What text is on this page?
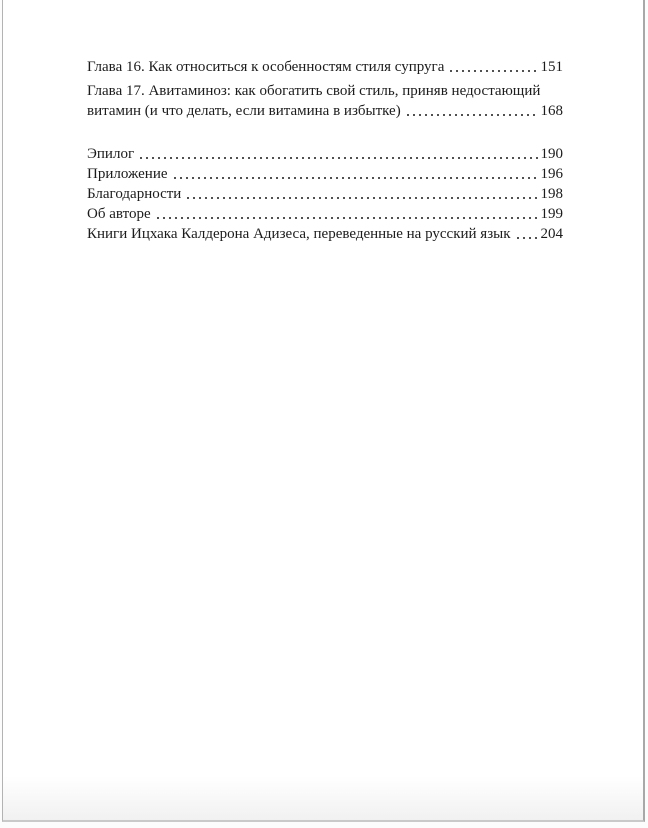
Глава 16. Как относиться к особенностям стиля супруга	151
Глава 17. Авитаминоз: как обогатить свой стиль, приняв недостающий
витамин (и что делать, если витамина в избытке)	168
Эпилог	190
Приложение	196
Благодарности	198
Об авторе	199
Книги Ицхака Калдерона Адизеса, переведенные на русский язык 204
